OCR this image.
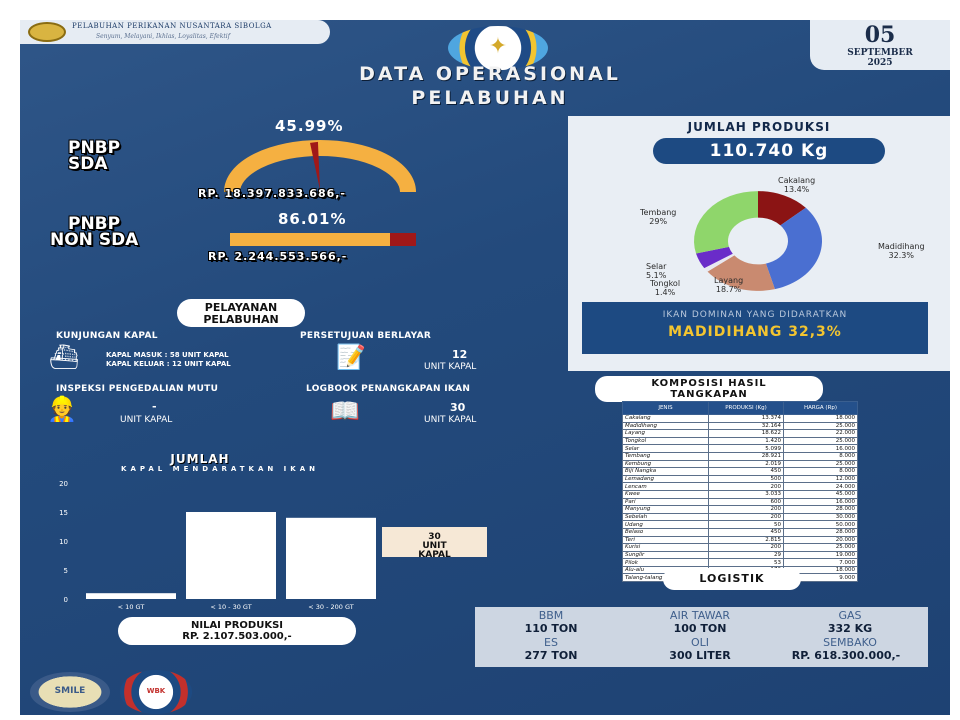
PELABUHAN PERIKANAN NUSANTARA SIBOLGA
Senyum, Melayani, Ikhlas, Loyalitas, Efektif	05
SEPTEMBER
2025
✦
DATA OPERASIONAL
PELABUHAN
PNBP
SDA
45.99%
RP. 18.397.833.686,-
PNBP
NON SDA
86.01%
RP. 2.244.553.566,-
PELAYANAN
PELABUHAN
KUNJUNGAN KAPAL
⛴	KAPAL MASUK : 58 UNIT KAPAL
KAPAL KELUAR : 12 UNIT KAPAL
PERSETUJUAN BERLAYAR
📝	12
UNIT KAPAL
INSPEKSI PENGEDALIAN MUTU
👷	-
UNIT KAPAL
LOGBOOK PENANGKAPAN IKAN
📖	30
UNIT KAPAL
JUMLAH PRODUKSI
110.740 Kg
Cakalang
13.4%
Madidihang
32.3%
Layang
18.7%
Selar
5.1%
Tongkol
1.4%
Tembang
29%
IKAN DOMINAN YANG DIDARATKAN
MADIDIHANG 32,3%
KOMPOSISI HASIL
TANGKAPAN
JENIS	PRODUKSI (Kg)	HARGA (Rp)
Cakalang	13.374	18.000
Madidihang	32.164	25.000
Layang	18.622	22.000
Tongkol	1.420	25.000
Selar	5.099	16.000
Tembang	28.921	8.000
Kembung	2.019	25.000
Biji Nangka	450	8.000
Lemadang	500	12.000
Lencam	200	24.000
Kwee	3.033	45.000
Pari	600	16.000
Manyung	200	28.000
Sebelah	200	30.000
Udang	50	50.000
Belaso	450	28.000
Teri	2.815	20.000
Kurisi	200	25.000
Sunglir	29	19.000
Pilok	53	7.000
Alu-alu		18.000
Talang-talang		9.000
LOGISTIK
BBM
110 TON
AIR TAWAR
100 TON
GAS
332 KG
ES
277 TON
OLI
300 LITER
SEMBAKO
RP. 618.300.000,-
JUMLAH
KAPAL MENDARATKAN IKAN
0
5
10
15
20
< 10 GT	< 10 - 30 GT	< 30 - 200 GT
30
UNIT
KAPAL
NILAI PRODUKSI
RP. 2.107.503.000,-
SMILE	WBK
